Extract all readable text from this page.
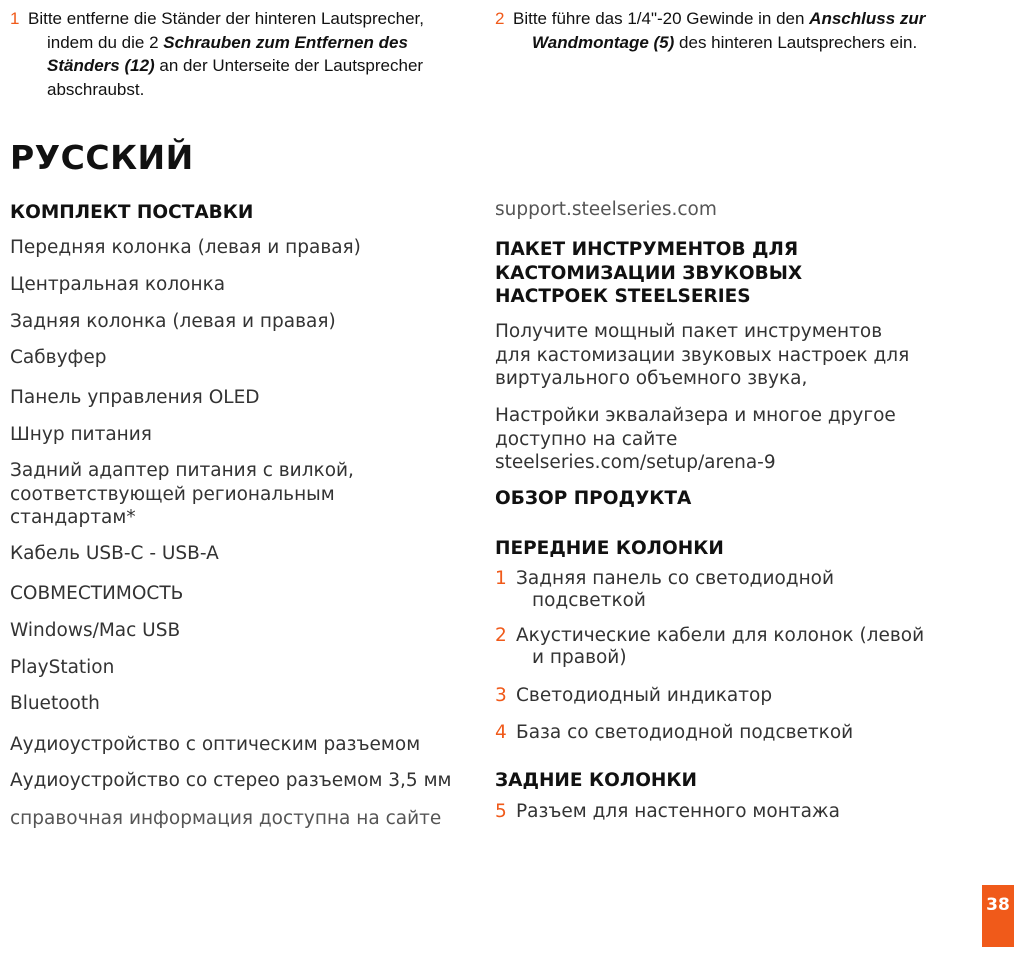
1 Bitte entferne die Ständer der hinteren Lautsprecher, indem du die 2 Schrauben zum Entfernen des Ständers (12) an der Unterseite der Lautsprecher abschraubst.
2 Bitte führe das 1/4"-20 Gewinde in den Anschluss zur Wandmontage (5) des hinteren Lautsprechers ein.
РУССКИЙ
КОМПЛЕКТ ПОСТАВКИ
Передняя колонка (левая и правая)
Центральная колонка
Задняя колонка (левая и правая)
Сабвуфер
Панель управления OLED
Шнур питания
Задний адаптер питания с вилкой, соответствующей региональным стандартам*
Кабель USB-C - USB-A
СОВМЕСТИМОСТЬ
Windows/Mac USB
PlayStation
Bluetooth
Аудиоустройство с оптическим разъемом
Аудиоустройство со стерео разъемом 3,5 мм
справочная информация доступна на сайте
support.steelseries.com
ПАКЕТ ИНСТРУМЕНТОВ ДЛЯ КАСТОМИЗАЦИИ ЗВУКОВЫХ НАСТРОЕК STEELSERIES
Получите мощный пакет инструментов для кастомизации звуковых настроек для виртуального объемного звука,
Настройки эквалайзера и многое другое доступно на сайте steelseries.com/setup/arena-9
ОБЗОР ПРОДУКТА
ПЕРЕДНИЕ КОЛОНКИ
1 Задняя панель со светодиодной
подсветкой
2 Акустические кабели для колонок (левой
и правой)
3 Светодиодный индикатор
4 База со светодиодной подсветкой
ЗАДНИЕ КОЛОНКИ
5 Разъем для настенного монтажа
38
